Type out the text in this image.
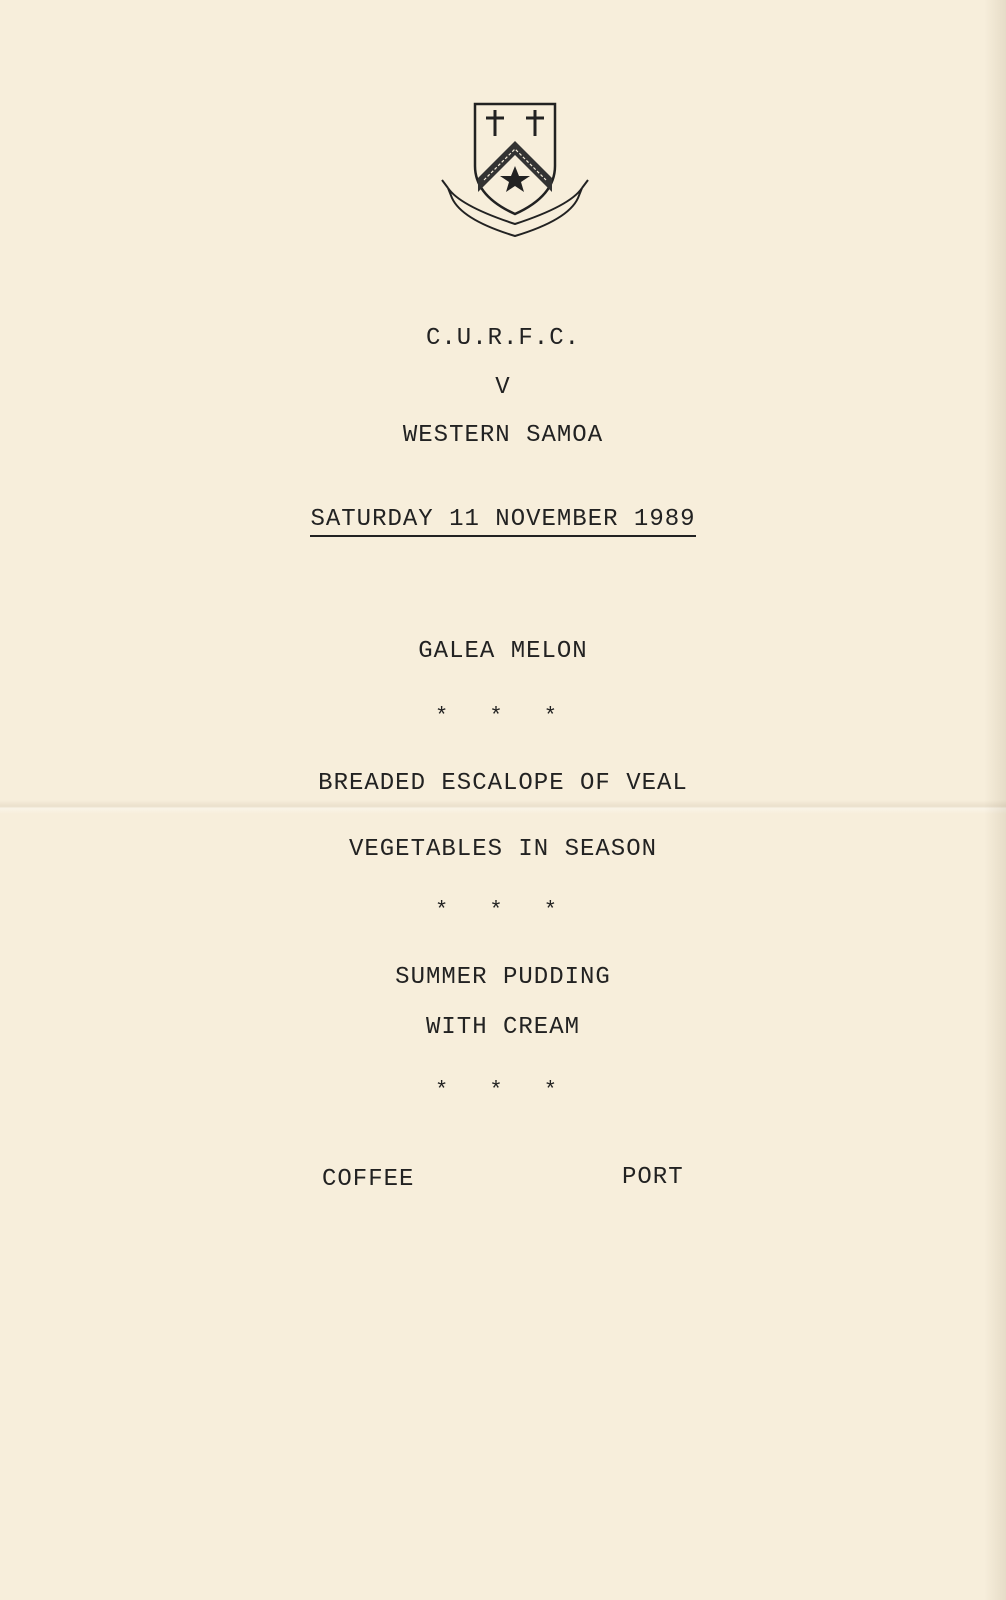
C.U.R.F.C.
V
WESTERN SAMOA
SATURDAY 11 NOVEMBER 1989
GALEA MELON
* * *
BREADED ESCALOPE OF VEAL
VEGETABLES IN SEASON
* * *
SUMMER PUDDING
WITH CREAM
* * *
COFFEE	PORT
